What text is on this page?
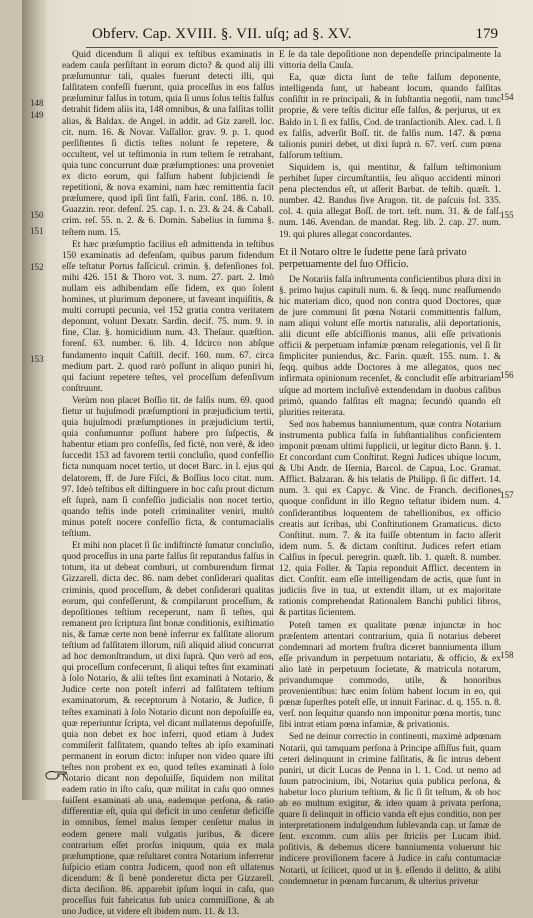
Obferv. Cap. XVIII. §. VII. uſq; ad §. XV.	179
148
149
150
151
152
153

Quid dicendum ſi aliqui ex teſtibus examinatis in eadem cauſa perſiſtant in eorum dicto? & quod alij illi præſumuntur tali, quales fuerunt detecti illi, qui falſitatem confeſſi fuerunt, quia proceſſus in eos falſus præſumitur falſus in totum, quia ſi unus ſolus teſtis falſus detrahit fidem aliis ita, 148 omnibus, & una falſitas tollit alias, & Baldax. de Angel. in addit. ad Giz zarell. loc. cit. num. 16. & Novar. Vaſſallor. grav. 9. p. 1. quod perſiſtentes ſi dictis teſtes nolunt ſe repetere, & occultent, vel ut teſtimonia in rum teſtem ſe retrahant, quia tunc concurrunt duæ præſumptiones: una proveniet ex dicto eorum, qui falſum habent ſubjiciendi ſe repetitioni, & nova examini, nam hæc remittentia facit præſumere, quod ipſi ſint falſi, Farin. conſ. 186. n. 10. Guazzin. reor. defenſ. 25. cap. 1. n. 23. & 24. & Caball. crim. reſ. 55. n. 2. & 6. Domin. Sabelius in ſumma §. teſtem num. 15.

Et hæc præſumptio facilius eſt admittenda in teſtibus 150 examinatis ad defenſam, quibus parum fidendum eſſe teſtatur Portus faſſcicul. crimin. §. defenſiones fol. mihi 426. 151 & Thoro vot. 3. num. 27. part. 2. Imò nullam eis adhibendam eſſe fidem, ex quo ſolent homines, ut plurimum deponere, ut faveant inquiſitis, & multi corrupti pecunia, vel 152 gratia contra veritatem deponunt, volunt Dexatr. Sardin. decif. 75. num. 9. in fine, Clar. §. homicidium num. 43. Theſaur. quæſtion. forenſ. 63. number. 6. lib. 4. Idcirco non abſque fundamento inquit Caſtill. decif. 160. num. 67. circa medium part. 2. quod rarò poſſunt in aliquo puniri hi, qui faciunt repetere teſtes, vel proceſſum defenſivum conſtruunt.

Verùm non placet Boſſio tit. de falſis num. 69. quod fietur ut hujuſmodi præſumptioni in præjudicium tertii, quia hujuſmodi præſumptiones in præjudicium tertii, quia conſumuntur poſſunt habere pro ſuſpectis, & habentur etiam pro confeſſis, ſed fictè, non verè, & ideo ſuccedit 153 ad favorem tertii concluſio, quod confeſſio ficta nunquam nocet tertio, ut docet Barc. in l. ejus qui delatorem, ff. de Jure Fiſci, & Boſſius loco citat. num. 97. Ideò teſtibus eſt diſtinguere in hoc caſu prout dictum eſt ſuprà, nam ſi confeſſio judicialis non nocet tertio, quando teſtis inde poteſt criminaliter veniri, multò minus poteſt nocere confeſſio ficta, & contumacialis teſtium.

Et mihi non placet ſi ſic indiſtinctè ſumatur concluſio, quod proceſſus in una parte falſus ſit reputandus falſus in totum, ita ut debeat comburi, ut comburendum firmat Gizzarell. dicta dec. 86. nam debet conſiderari qualitas criminis, quod proceſſum, & debet conſiderari qualitas eorum, qui confeſſerunt, & compilarunt proceſſum, & depoſitiones teſtium receperunt, nam ſi teſtes, qui remanent pro ſcriptura ſint bonæ conditionis, exiſtimatio nis, & famæ certe non benè inferrur ex falſitate aliorum teſtium ad falſitatem illorum, niſi aliquid aliud concurrat ad hoc demonſtrandum, ut dixi ſuprà. Quo verò ad eos, qui proceſſum confecerunt, ſi aliqui teſtes ſint examinati à ſolo Notario, & alii teſtes ſint examinati à Notario, & Judice certe non poteſt inferri ad falſitatem teſtium examinatorum, & receptorum à Notario, & Judice, ſi teſtes examinati à ſolo Notario dicunt non depoſuiſſe ea, quæ reperiuntur ſcripta, vel dicant nullatenus depoſuiſſe, quia non debet ex hoc inferri, quod etiam à Judex commiſerit falſitatem, quando teſtes ab ipſo examinati permanent in eorum dicto: inſuper non video quare iſti teſtes non probent ex eo, quod teſtes examinati à ſolo Notario dicant non depoſuiſſe, ſiquidem non militat eadem ratio in iſto caſu, quæ militat in caſu quo omnes fuiſſent examinati ab una, eademque perſona, & ratio differentiæ eſt, quia qui deficit in uno cenſetur deficiſſe in omnibus, ſemel malus ſemper cenſetur malus in eodem genere mali vulgatis juribus, & dicere contrarium eſſet prorſus iniquum, quia ex mala præſumptione, quæ reſultaret contra Notarium inferretur ſuſpicio etiam contra Judicem, quod non eſt ullatenus dicendum: & ſi benè ponderetur dicta per Gizzarell. dicta deciſion. 86. apparebit ipſum loqui in caſu, quo proceſſus fuit fabricatus ſub unica commiſſione, & ab uno Judice, ut videre eſt ibidem num. 11. & 13.

E ſe da tale depoſitione non dependeſſe principalmente la vittoria della Cauſa.

Ea, quæ dicta ſunt de teſte falſum deponente, intelligenda ſunt, ut habeant locum, quando falſitas conſiſtit in re principali, & in ſubſtantia negotii, nam tunc proprie, & vere teſtis dicitur eſſe falſus, & perjurus, ut ex Baldo in l. ſi ex falſis, Cod. de tranſactionib. Alex. cad. l. ſi ex falſis, adverſit Boſſ. tit. de falſis num. 147. & pœna talionis puniri debet, ut dixi ſuprà n. 67. verſ. cum pœna falſorum teſtium.

Siquidem is, qui mentitur, & falſum teſtimonium perhibet ſuper circumſtantiis, ſeu aliquo accidenti minori pena plectendus eſt, ut aſſerit Barbat. de teſtib. quæſt. 1. number. 42. Bandus ſive Aragon. tit. de paſcuis fol. 335. col. 4. quia allegat Boſſ. de tort. teſt. num. 31. & de falſ. num. 146. Avendan. de mandat. Reg. lib. 2. cap. 27. num. 19. qui plures allegat concordantes.

Et il Notaro oltre le ſudette pene ſarà privato perpetuamente del ſuo Officio.

De Notariis falſa inſtrumenta conficientibus plura dixi in §. primo hujus capituli num. 6. & ſeqq. nunc reaſſumendo hic materiam dico, quod non contra quod Doctores, quæ de jure communi ſit pœna Notarii committentis falſum, nam aliqui volunt eſſe mortis naturalis, alii deportationis, alii dicunt eſſe abſciſſionis manus, alii eſſe privationis officii & perpetuam infamiæ pœnam relegationis, vel ſi ſit ſimpliciter puniendus, &c. Farin. quæſt. 155. num. 1. & ſeqq. quibus adde Doctores à me allegatos, quos nec infirmata opinionum recenſet, & concludit eſſe arbitrariam uſque ad mortem incluſivè extendendam in duobus caſibus primò, quando falſitas eſt magna; ſecundò quando eſt plurities reiterata.

Sed nos habemus banniumentum, quæ contra Notarium instrumenta publica falſa in ſubſtantialibus conficientem imponit pœnam ultimi ſupplicii, ut legitur dicto Bann. §. 1. Et concordant cum Conſtitut. Regni Judices ubique locum, & Ubi Andr. de Iſernia, Barcol. de Capua, Loc. Gramat. Afflict. Balzaran. & his telatis de Philipp. ſi ſic differt. 14. num. 3. qui ex Capyc. & Vinc. de Franch. decifiones quoque conſidunt in illo Regno teſtatur ibidem num. 4. conſiderantibus loquentem de tabellionibus, ex officio creatis aut ſcribas, ubi Conſtitutionem Gramaticus. dicto Conſtitut. num. 7. & ita fuiſſe obtentum in facto aſſerit idem num. 5. & dictam conſtitut. Judices refert etiam Calſius in ſpecul. peregrin. quæſt. lib. 1. quæſt. 8. number. 12. quia Foller. & Tapia reponduit Afflict. decentem in dict. Conſtit. eam eſſe intelligendam de actis, quæ ſunt in judiciis ſive in tua, ut extendit illam, ut ex majoritate rationis comprehendat Rationalem Banchi publici libros, & partitas ſicientem.

Poteſt tamen ex qualitate pœnæ injunctæ in hoc præſentem attentari contrarium, quia ſi notarius deberet condemnari ad mortem fruſtra diceret banniumenta illum eſſe privandum in perpetuum notariatu, & officio, & ex alio latè in perpetuum ſocietate, & matricula notarum, privandumque commodo, utile, & honoribus provenientibus: hæc enim ſolùm habent locum in eo, qui pœnæ ſuperſtes poteſt eſſe, ut innuit Farinac. d. q. 155. n. 8. verſ. non ſequitur quando non imponitur pœna mortis, tunc ſibi intrat etiam pœna infamiæ, & privationis.

Sed ne deinur correctio in continenti, maximè adpœnam Notarii, qui tamquam perſona à Principe aſſiſſus fuit, quam ceteri delinquunt in crimine falſitatis, & ſic intrus debent puniri, ut dicit Lucas de Penna in l. 1. Cod. ut nemo ad ſuum patrocinium, ibi, Notarius quia publica perſona, & habetur loco plurium teſtium, & ſic ſi ſit teſtum, & ob hoc ab eo multum exigitur, & ideo quam à privata perſona, quare ſi delinquit in officio vanda eſt ejus conditio, non per interpretationem indulgendum ſublevanda cap. ut ſamæ de ſent. excomm. cum aliis per ſtriciis per Lucam ibid. poſitivis, & debemus dicere banniumenta voluerunt hic indicere proviſionem facere à Judice in caſu contumaciæ Notarii, ut ſcilicet, quod ut in §. eſſendo il delitto, & alibi condemnetur in pœnam furcarum, & ulterius privetur

154
155
156
157
158
